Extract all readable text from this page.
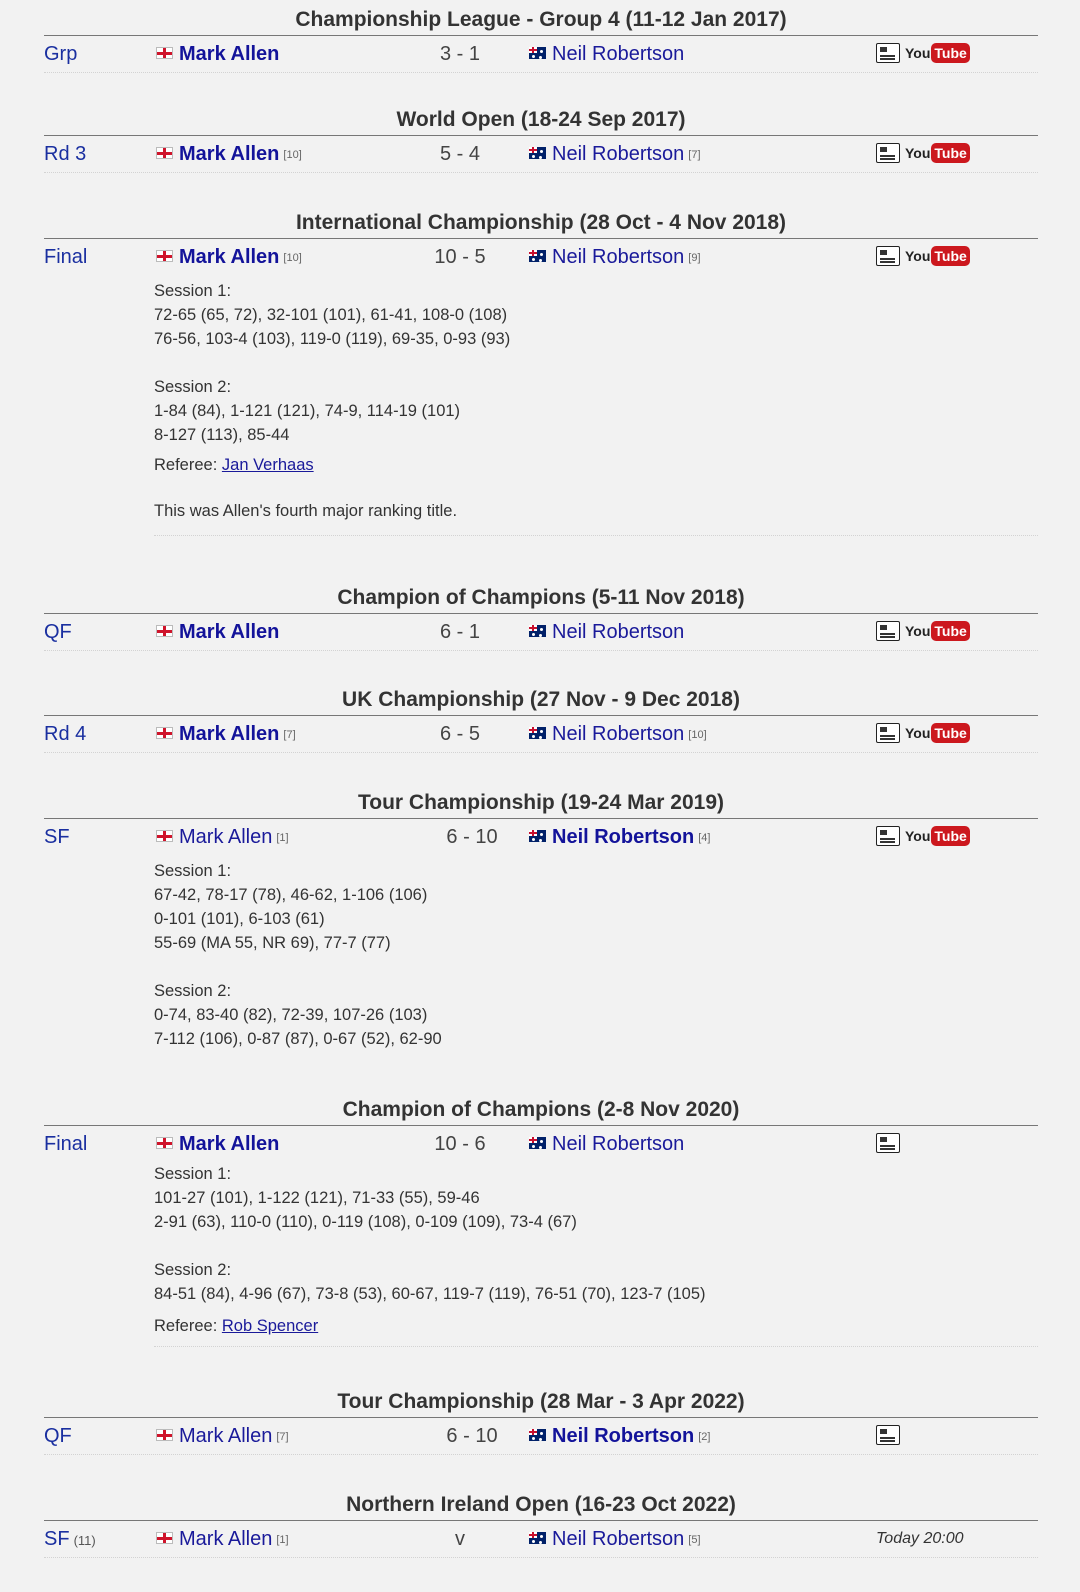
Championship League - Group 4 (11-12 Jan 2017)
Grp	Mark Allen	3 - 1	Neil Robertson	You Tube
World Open (18-24 Sep 2017)
Rd 3	Mark Allen [10]	5 - 4	Neil Robertson [7]	You Tube
International Championship (28 Oct - 4 Nov 2018)
Final	Mark Allen [10]	10 - 5	Neil Robertson [9]	You Tube
Session 1:
72-65 (65, 72), 32-101 (101), 61-41, 108-0 (108)
76-56, 103-4 (103), 119-0 (119), 69-35, 0-93 (93)
Session 2:
1-84 (84), 1-121 (121), 74-9, 114-19 (101)
8-127 (113), 85-44
Referee: Jan Verhaas
This was Allen's fourth major ranking title.
Champion of Champions (5-11 Nov 2018)
QF	Mark Allen	6 - 1	Neil Robertson	You Tube
UK Championship (27 Nov - 9 Dec 2018)
Rd 4	Mark Allen [7]	6 - 5	Neil Robertson [10]	You Tube
Tour Championship (19-24 Mar 2019)
SF	Mark Allen [1]	6 - 10	Neil Robertson [4]	You Tube
Session 1:
67-42, 78-17 (78), 46-62, 1-106 (106)
0-101 (101), 6-103 (61)
55-69 (MA 55, NR 69), 77-7 (77)
Session 2:
0-74, 83-40 (82), 72-39, 107-26 (103)
7-112 (106), 0-87 (87), 0-67 (52), 62-90
Champion of Champions (2-8 Nov 2020)
Final	Mark Allen	10 - 6	Neil Robertson
Session 1:
101-27 (101), 1-122 (121), 71-33 (55), 59-46
2-91 (63), 110-0 (110), 0-119 (108), 0-109 (109), 73-4 (67)
Session 2:
84-51 (84), 4-96 (67), 73-8 (53), 60-67, 119-7 (119), 76-51 (70), 123-7 (105)
Referee: Rob Spencer
Tour Championship (28 Mar - 3 Apr 2022)
QF	Mark Allen [7]	6 - 10	Neil Robertson [2]
Northern Ireland Open (16-23 Oct 2022)
SF (11)	Mark Allen [1]	v	Neil Robertson [5]	Today 20:00
